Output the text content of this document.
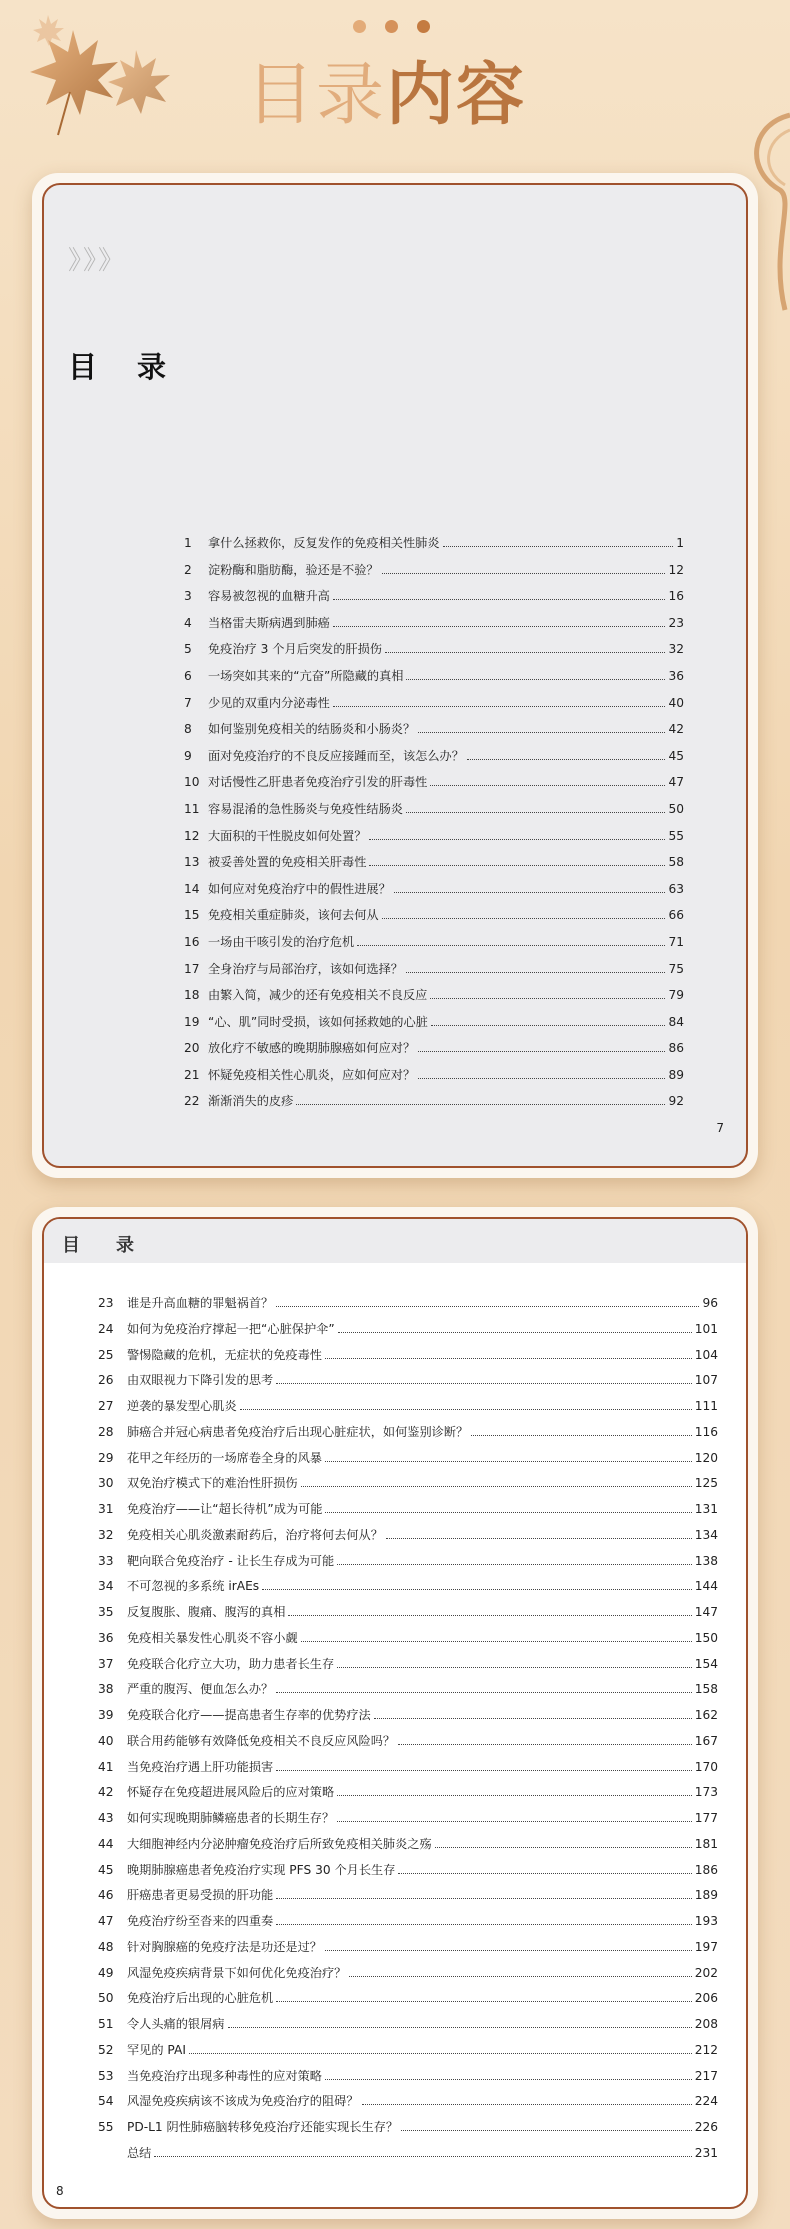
目录内容
》》》
目录
1	拿什么拯救你，反复发作的免疫相关性肺炎	1
2	淀粉酶和脂肪酶，验还是不验？	12
3	容易被忽视的血糖升高	16
4	当格雷夫斯病遇到肺癌	23
5	免疫治疗 3 个月后突发的肝损伤	32
6	一场突如其来的“亢奋”所隐藏的真相	36
7	少见的双重内分泌毒性	40
8	如何鉴别免疫相关的结肠炎和小肠炎？	42
9	面对免疫治疗的不良反应接踵而至，该怎么办？	45
10 对话慢性乙肝患者免疫治疗引发的肝毒性	47
11 容易混淆的急性肠炎与免疫性结肠炎	50
12 大面积的干性脱皮如何处置？	55
13 被妥善处置的免疫相关肝毒性	58
14 如何应对免疫治疗中的假性进展？	63
15 免疫相关重症肺炎，该何去何从	66
16 一场由干咳引发的治疗危机	71
17 全身治疗与局部治疗，该如何选择？	75
18 由繁入简，减少的还有免疫相关不良反应	79
19 “心、肌”同时受损，该如何拯救她的心脏	84
20 放化疗不敏感的晚期肺腺癌如何应对？	86
21 怀疑免疫相关性心肌炎，应如何应对？	89
22 渐渐消失的皮疹	92
7
目录
23	谁是升高血糖的罪魁祸首？	96
24	如何为免疫治疗撑起一把“心脏保护伞”	101
25	警惕隐藏的危机，无症状的免疫毒性	104
26	由双眼视力下降引发的思考	107
27	逆袭的暴发型心肌炎	111
28	肺癌合并冠心病患者免疫治疗后出现心脏症状，如何鉴别诊断？	116
29	花甲之年经历的一场席卷全身的风暴	120
30	双免治疗模式下的难治性肝损伤	125
31	免疫治疗——让“超长待机”成为可能	131
32	免疫相关心肌炎激素耐药后，治疗将何去何从？	134
33	靶向联合免疫治疗 - 让长生存成为可能	138
34	不可忽视的多系统 irAEs	144
35	反复腹胀、腹痛、腹泻的真相	147
36	免疫相关暴发性心肌炎不容小觑	150
37	免疫联合化疗立大功，助力患者长生存	154
38	严重的腹泻、便血怎么办？	158
39	免疫联合化疗——提高患者生存率的优势疗法	162
40	联合用药能够有效降低免疫相关不良反应风险吗？	167
41	当免疫治疗遇上肝功能损害	170
42	怀疑存在免疫超进展风险后的应对策略	173
43	如何实现晚期肺鳞癌患者的长期生存？	177
44	大细胞神经内分泌肿瘤免疫治疗后所致免疫相关肺炎之殇	181
45	晚期肺腺癌患者免疫治疗实现 PFS 30 个月长生存	186
46	肝癌患者更易受损的肝功能	189
47	免疫治疗纷至沓来的四重奏	193
48	针对胸腺癌的免疫疗法是功还是过？	197
49	风湿免疫疾病背景下如何优化免疫治疗？	202
50	免疫治疗后出现的心脏危机	206
51	令人头痛的银屑病	208
52	罕见的 PAI	212
53	当免疫治疗出现多种毒性的应对策略	217
54	风湿免疫疾病该不该成为免疫治疗的阻碍？	224
55	PD-L1 阴性肺癌脑转移免疫治疗还能实现长生存？	226
总结	231
8
